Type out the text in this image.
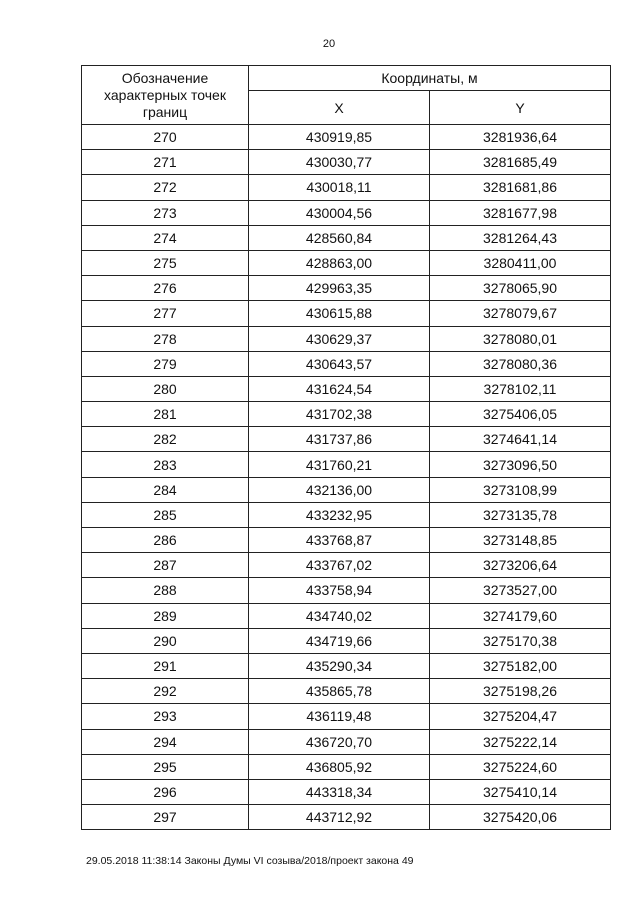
20
Обозначение характерных точек границ	Координаты, м	
	X	Y
270	430919,85	3281936,64
271	430030,77	3281685,49
272	430018,11	3281681,86
273	430004,56	3281677,98
274	428560,84	3281264,43
275	428863,00	3280411,00
276	429963,35	3278065,90
277	430615,88	3278079,67
278	430629,37	3278080,01
279	430643,57	3278080,36
280	431624,54	3278102,11
281	431702,38	3275406,05
282	431737,86	3274641,14
283	431760,21	3273096,50
284	432136,00	3273108,99
285	433232,95	3273135,78
286	433768,87	3273148,85
287	433767,02	3273206,64
288	433758,94	3273527,00
289	434740,02	3274179,60
290	434719,66	3275170,38
291	435290,34	3275182,00
292	435865,78	3275198,26
293	436119,48	3275204,47
294	436720,70	3275222,14
295	436805,92	3275224,60
296	443318,34	3275410,14
297	443712,92	3275420,06
29.05.2018 11:38:14 Законы Думы VI созыва/2018/проект закона 49
